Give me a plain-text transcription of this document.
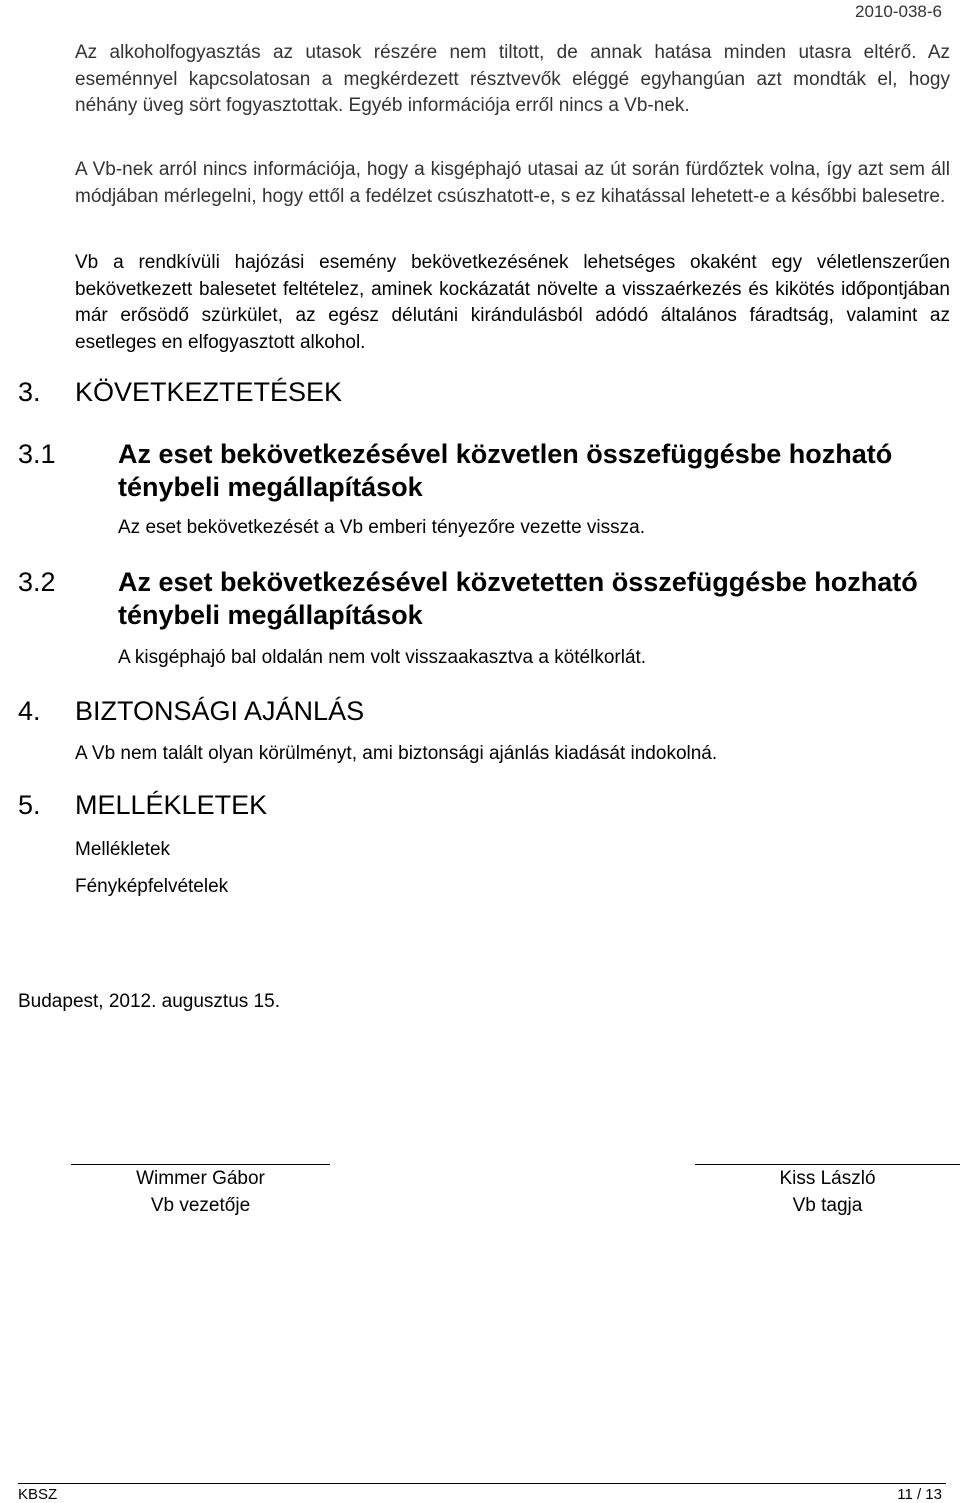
2010-038-6

Az alkoholfogyasztás az utasok részére nem tiltott, de annak hatása minden utasra eltérő. Az eseménnyel kapcsolatosan a megkérdezett résztvevők eléggé egyhangúan azt mondták el, hogy néhány üveg sört fogyasztottak. Egyéb információja erről nincs a Vb-nek.

A Vb-nek arról nincs információja, hogy a kisgéphajó utasai az út során fürdőztek volna, így azt sem áll módjában mérlegelni, hogy ettől a fedélzet csúszhatott-e, s ez kihatással lehetett-e a későbbi balesetre.

Vb a rendkívüli hajózási esemény bekövetkezésének lehetséges okaként egy véletlenszerűen bekövetkezett balesetet feltételez, aminek kockázatát növelte a visszaérkezés és kikötés időpontjában már erősödő szürkület, az egész délutáni kirándulásból adódó általános fáradtság, valamint az esetleges en elfogyasztott alkohol.

3. KÖVETKEZTETÉSEK
3.1 Az eset bekövetkezésével közvetlen összefüggésbe hozható ténybeli megállapítások

Az eset bekövetkezését a Vb emberi tényezőre vezette vissza.

3.2 Az eset bekövetkezésével közvetetten összefüggésbe hozható ténybeli megállapítások

A kisgéphajó bal oldalán nem volt visszaakasztva a kötélkorlát.

4. BIZTONSÁGI AJÁNLÁS

A Vb nem talált olyan körülményt, ami biztonsági ajánlás kiadását indokolná.

5. MELLÉKLETEK

Mellékletek

Fényképfelvételek

Budapest, 2012. augusztus 15.

Wimmer Gábor
Vb vezetője
Kiss László
Vb tagja
KBSZ	11 / 13
